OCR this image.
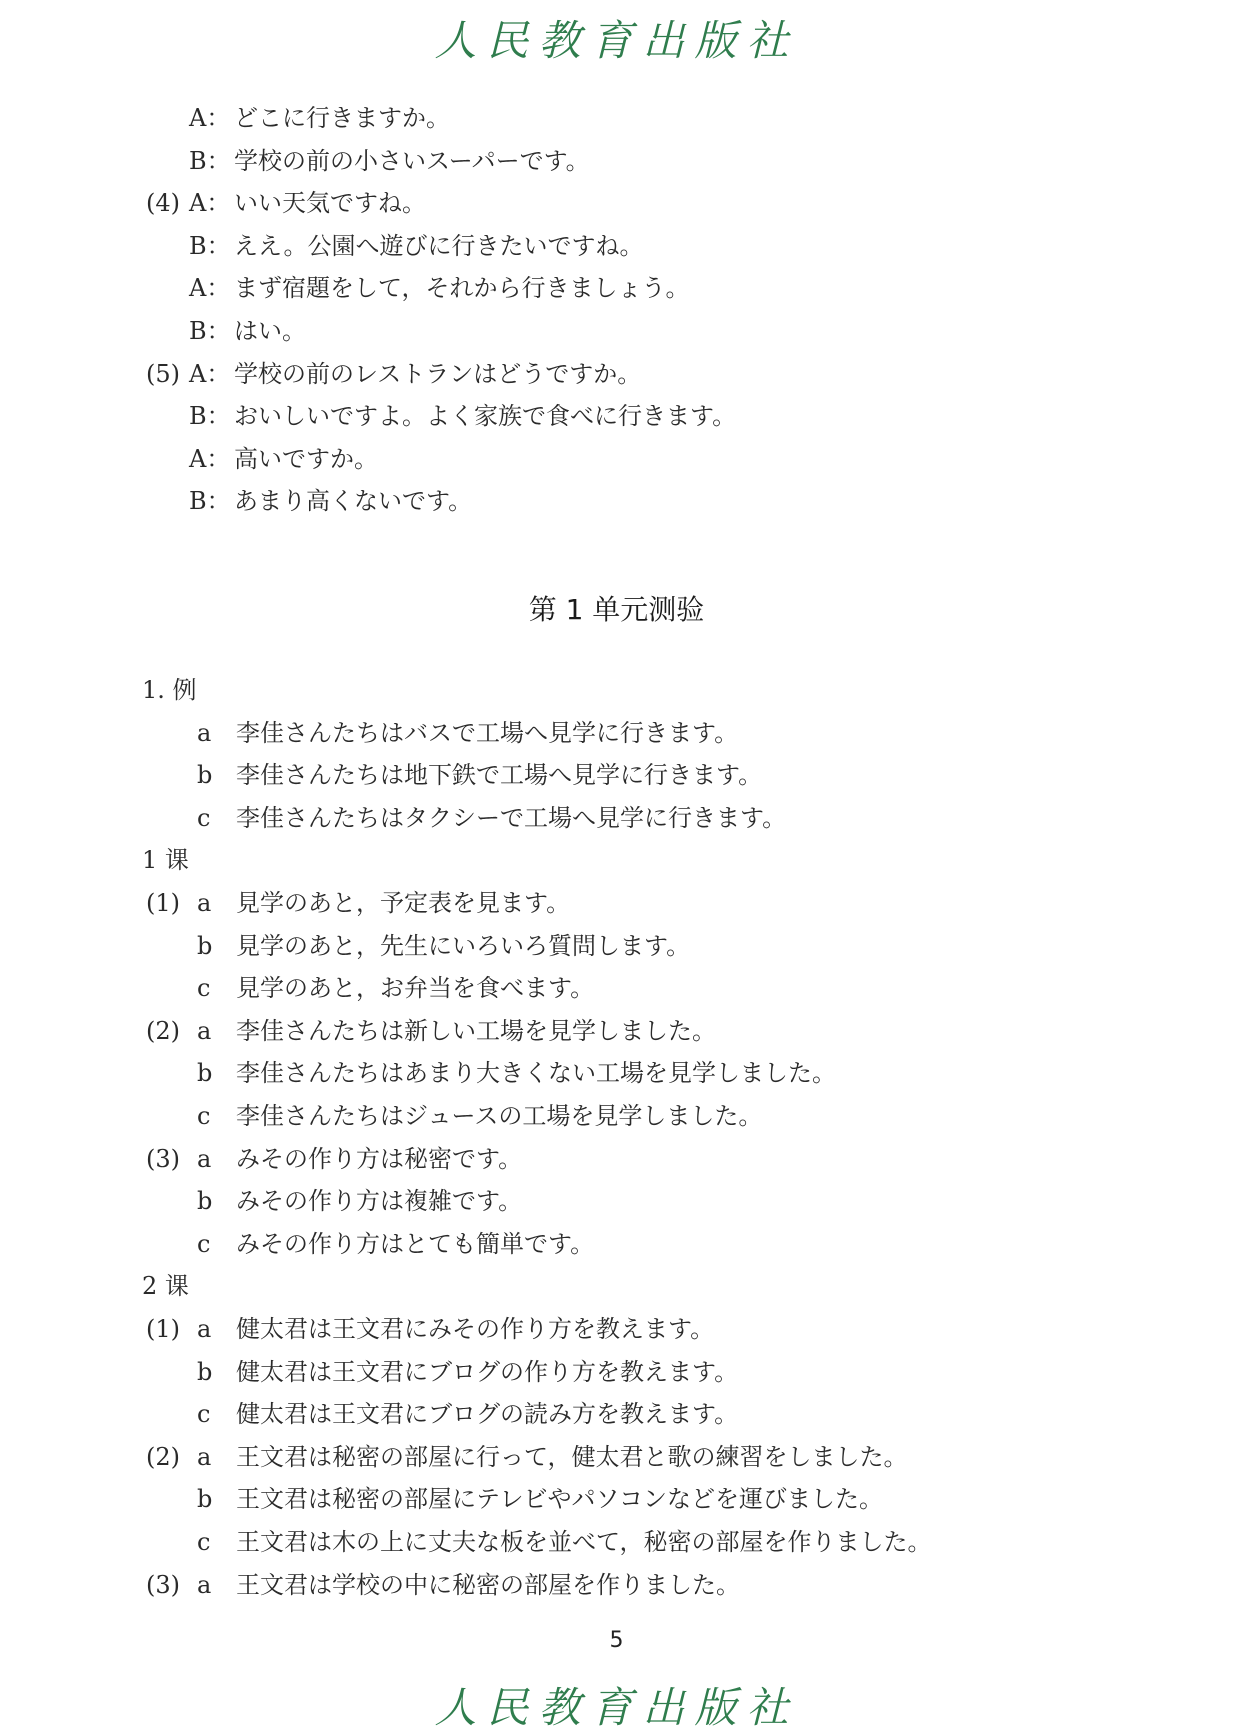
人民教育出版社
A： どこに行きますか。
B： 学校の前の小さいスーパーです。
(4) A： いい天気ですね。
B： ええ。公園へ遊びに行きたいですね。
A： まず宿題をして，それから行きましょう。
B： はい。
(5) A： 学校の前のレストランはどうですか。
B： おいしいですよ。よく家族で食べに行きます。
A： 高いですか。
B： あまり高くないです。
第 1 单元测验
1. 例
a 李佳さんたちはバスで工場へ見学に行きます。
b 李佳さんたちは地下鉄で工場へ見学に行きます。
c 李佳さんたちはタクシーで工場へ見学に行きます。
1 课
(1) a 見学のあと，予定表を見ます。
b 見学のあと，先生にいろいろ質問します。
c 見学のあと，お弁当を食べます。
(2) a 李佳さんたちは新しい工場を見学しました。
b 李佳さんたちはあまり大きくない工場を見学しました。
c 李佳さんたちはジュースの工場を見学しました。
(3) a みその作り方は秘密です。
b みその作り方は複雑です。
c みその作り方はとても簡単です。
2 课
(1) a 健太君は王文君にみその作り方を教えます。
b 健太君は王文君にブログの作り方を教えます。
c 健太君は王文君にブログの読み方を教えます。
(2) a 王文君は秘密の部屋に行って，健太君と歌の練習をしました。
b 王文君は秘密の部屋にテレビやパソコンなどを運びました。
c 王文君は木の上に丈夫な板を並べて，秘密の部屋を作りました。
(3) a 王文君は学校の中に秘密の部屋を作りました。
5
人民教育出版社
